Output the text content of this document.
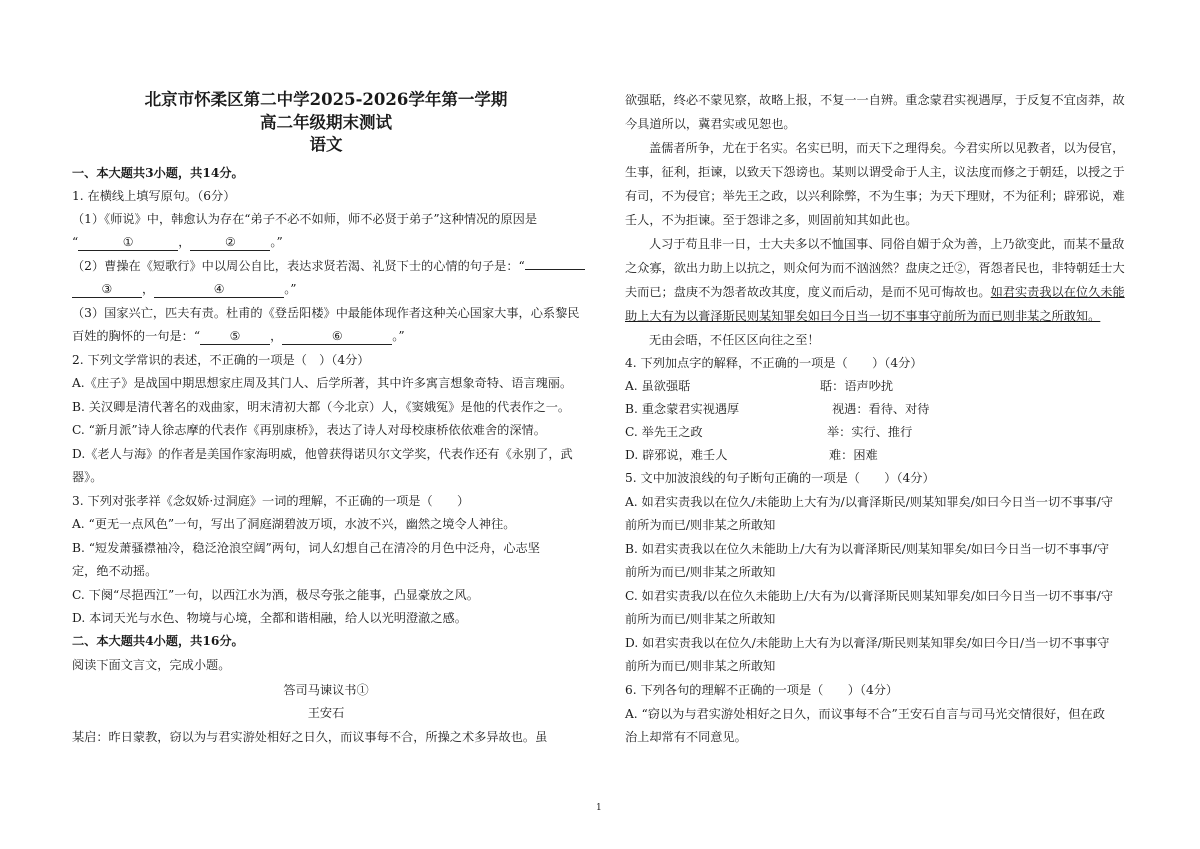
北京市怀柔区第二中学2025-2026学年第一学期
高二年级期末测试
语文
一、本大题共3小题，共14分。
1. 在横线上填写原句。（6分）
（1）《师说》中，韩愈认为存在“弟子不必不如师，师不必贤于弟子”这种情况的原因是
“	①	，	②	。”
（2）曹操在《短歌行》中以周公自比，表达求贤若渴、礼贤下士的心情的句子是：“
③ ，	④	。”
（3）国家兴亡，匹夫有责。杜甫的《登岳阳楼》中最能体现作者这种关心国家大事，心系黎民
百姓的胸怀的一句是：“ ⑤ ，	⑥	。”
2. 下列文学常识的表述，不正确的一项是（　）（4分）
A.《庄子》是战国中期思想家庄周及其门人、后学所著，其中许多寓言想象奇特、语言瑰丽。
B. 关汉卿是清代著名的戏曲家，明末清初大都（今北京）人，《窦娥冤》是他的代表作之一。
C. “新月派”诗人徐志摩的代表作《再别康桥》，表达了诗人对母校康桥依依难舍的深情。
D.《老人与海》的作者是美国作家海明威，他曾获得诺贝尔文学奖，代表作还有《永别了，武
器》。
3. 下列对张孝祥《念奴娇·过洞庭》一词的理解，不正确的一项是（　　）
A. “更无一点风色”一句，写出了洞庭湖碧波万顷，水波不兴，幽然之境令人神往。
B. “短发萧骚襟袖冷，稳泛沧浪空阔”两句，词人幻想自己在清冷的月色中泛舟，心志坚
定，绝不动摇。
C. 下阕“尽挹西江”一句，以西江水为酒，极尽夸张之能事，凸显豪放之风。
D. 本词天光与水色、物境与心境，全都和谐相融，给人以光明澄澈之感。
二、本大题共4小题，共16分。
阅读下面文言文，完成小题。
答司马谏议书①
王安石
某启：昨日蒙教，窃以为与君实游处相好之日久，而议事每不合，所操之术多异故也。虽
欲强聒，终必不蒙见察，故略上报，不复一一自辨。重念蒙君实视遇厚，于反复不宜卤莽，故
今具道所以，冀君实或见恕也。
盖儒者所争，尤在于名实。名实已明，而天下之理得矣。今君实所以见教者，以为侵官，
生事，征利，拒谏，以致天下怨谤也。某则以谓受命于人主，议法度而修之于朝廷，以授之于
有司，不为侵官；举先王之政，以兴利除弊，不为生事；为天下理财，不为征利；辟邪说，难
壬人，不为拒谏。至于怨诽之多，则固前知其如此也。
人习于苟且非一日，士大夫多以不恤国事、同俗自媚于众为善，上乃欲变此，而某不量敌
之众寡，欲出力助上以抗之，则众何为而不汹汹然？盘庚之迁②，胥怨者民也，非特朝廷士大
夫而已；盘庚不为怨者故改其度，度义而后动，是而不见可悔故也。如君实责我以在位久未能
助上大有为以膏泽斯民则某知罪矣如曰今日当一切不事事守前所为而已则非某之所敢知。
无由会晤，不任区区向往之至！
4. 下列加点字的解释，不正确的一项是（　　）（4分）
A. 虽欲强聒	聒：语声吵扰
B. 重念蒙君实视遇厚	视遇：看待、对待
C. 举先王之政	举：实行、推行
D. 辟邪说，难壬人	难：困难
5. 文中加波浪线的句子断句正确的一项是（　　）（4分）
A. 如君实责我以在位久/未能助上大有为/以膏泽斯民/则某知罪矣/如曰今日当一切不事事/守
前所为而已/则非某之所敢知
B. 如君实责我以在位久未能助上/大有为以膏泽斯民/则某知罪矣/如曰今日当一切不事事/守
前所为而已/则非某之所敢知
C. 如君实责我/以在位久未能助上/大有为/以膏泽斯民则某知罪矣/如曰今日当一切不事事/守
前所为而已/则非某之所敢知
D. 如君实责我以在位久/未能助上大有为以膏泽/斯民则某知罪矣/如曰今日/当一切不事事守
前所为而已/则非某之所敢知
6. 下列各句的理解不正确的一项是（　　）（4分）
A. “窃以为与君实游处相好之日久，而议事每不合”王安石自言与司马光交情很好，但在政
治上却常有不同意见。
1
